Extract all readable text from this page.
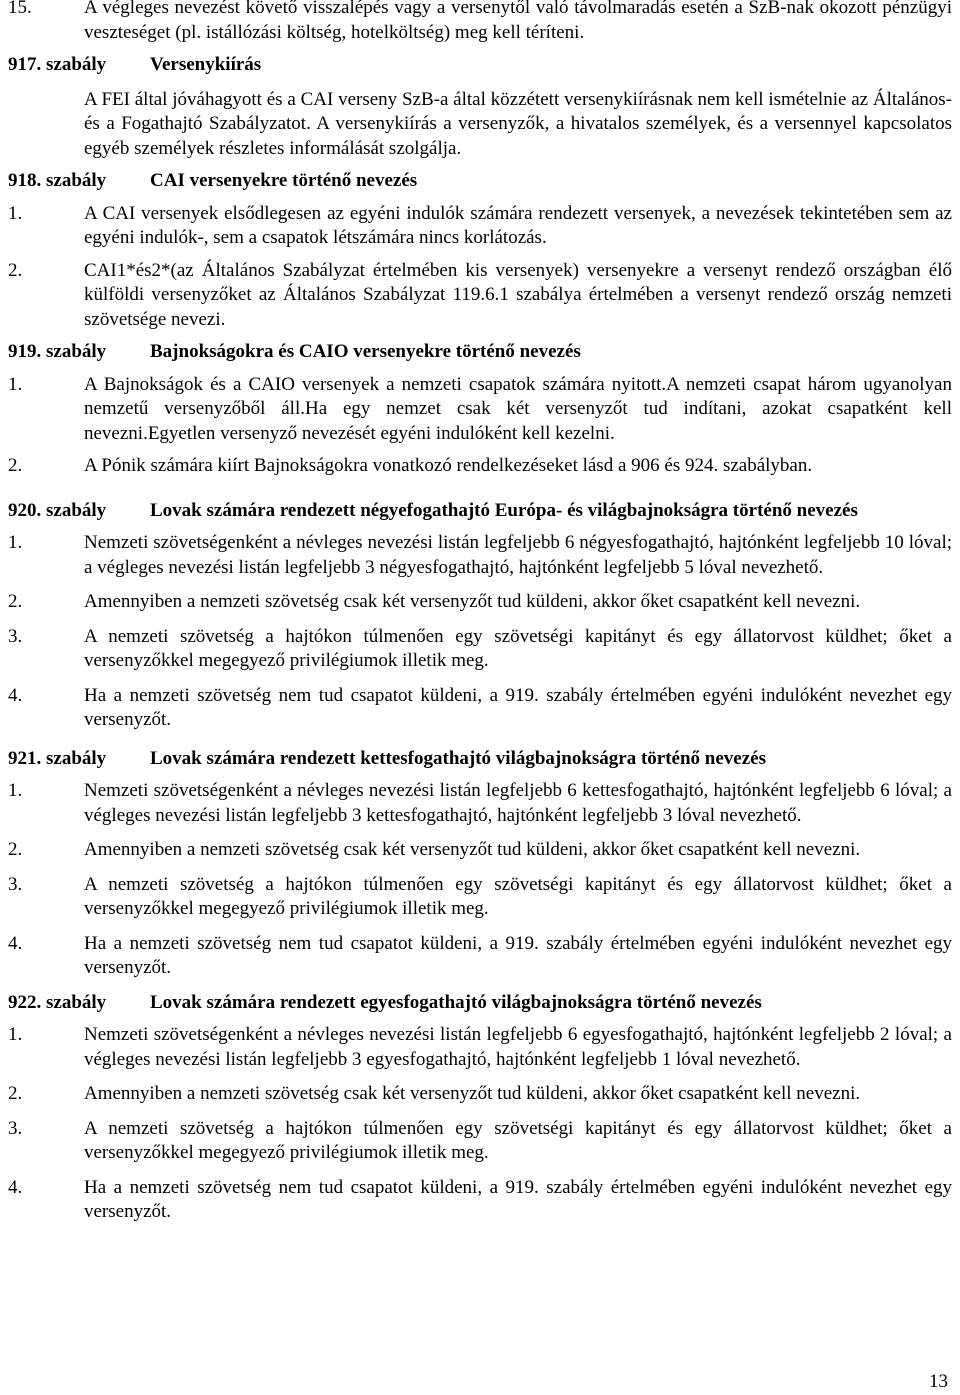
15.	A végleges nevezést követő visszalépés vagy a versenytől való távolmaradás esetén a SzB-nak okozott pénzügyi veszteséget (pl. istállózási költség, hotelköltség) meg kell téríteni.
917. szabály Versenykiírás
A FEI által jóváhagyott és a CAI verseny SzB-a által közzétett versenykiírásnak nem kell ismételnie az Általános- és a Fogathajtó Szabályzatot. A versenykiírás a versenyzők, a hivatalos személyek, és a versennyel kapcsolatos egyéb személyek részletes informálását szolgálja.
918. szabály CAI versenyekre történő nevezés
1.	A CAI versenyek elsődlegesen az egyéni indulók számára rendezett versenyek, a nevezések tekintetében sem az egyéni indulók-, sem a csapatok létszámára nincs korlátozás.
2.	CAI1*és2*(az Általános Szabályzat értelmében kis versenyek) versenyekre a versenyt rendező országban élő külföldi versenyzőket az Általános Szabályzat 119.6.1 szabálya értelmében a versenyt rendező ország nemzeti szövetsége nevezi.
919. szabály Bajnokságokra és CAIO versenyekre történő nevezés
1.	A Bajnokságok és a CAIO versenyek a nemzeti csapatok számára nyitott.A nemzeti csapat három ugyanolyan nemzetű versenyzőből áll.Ha egy nemzet csak két versenyzőt tud indítani, azokat csapatként kell nevezni.Egyetlen versenyző nevezését egyéni indulóként kell kezelni.
2.	A Pónik számára kiírt Bajnokságokra vonatkozó rendelkezéseket lásd a 906 és 924. szabályban.
920. szabály Lovak számára rendezett négyefogathajtó Európa- és világbajnokságra történő nevezés
1.	Nemzeti szövetségenként a névleges nevezési listán legfeljebb 6 négyesfogathajtó, hajtónként legfeljebb 10 lóval; a végleges nevezési listán legfeljebb 3 négyesfogathajtó, hajtónként legfeljebb 5 lóval nevezhető.
2.	Amennyiben a nemzeti szövetség csak két versenyzőt tud küldeni, akkor őket csapatként kell nevezni.
3.	A nemzeti szövetség a hajtókon túlmenően egy szövetségi kapitányt és egy állatorvost küldhet; őket a versenyzőkkel megegyező privilégiumok illetik meg.
4.	Ha a nemzeti szövetség nem tud csapatot küldeni, a 919. szabály értelmében egyéni indulóként nevezhet egy versenyzőt.
921. szabály Lovak számára rendezett kettesfogathajtó világbajnokságra történő nevezés
1.	Nemzeti szövetségenként a névleges nevezési listán legfeljebb 6 kettesfogathajtó, hajtónként legfeljebb 6 lóval; a végleges nevezési listán legfeljebb 3 kettesfogathajtó, hajtónként legfeljebb 3 lóval nevezhető.
2.	Amennyiben a nemzeti szövetség csak két versenyzőt tud küldeni, akkor őket csapatként kell nevezni.
3.	A nemzeti szövetség a hajtókon túlmenően egy szövetségi kapitányt és egy állatorvost küldhet; őket a versenyzőkkel megegyező privilégiumok illetik meg.
4.	Ha a nemzeti szövetség nem tud csapatot küldeni, a 919. szabály értelmében egyéni indulóként nevezhet egy versenyzőt.
922. szabály Lovak számára rendezett egyesfogathajtó világbajnokságra történő nevezés
1.	Nemzeti szövetségenként a névleges nevezési listán legfeljebb 6 egyesfogathajtó, hajtónként legfeljebb 2 lóval; a végleges nevezési listán legfeljebb 3 egyesfogathajtó, hajtónként legfeljebb 1 lóval nevezhető.
2.	Amennyiben a nemzeti szövetség csak két versenyzőt tud küldeni, akkor őket csapatként kell nevezni.
3.	A nemzeti szövetség a hajtókon túlmenően egy szövetségi kapitányt és egy állatorvost küldhet; őket a versenyzőkkel megegyező privilégiumok illetik meg.
4.	Ha a nemzeti szövetség nem tud csapatot küldeni, a 919. szabály értelmében egyéni indulóként nevezhet egy versenyzőt.
13
